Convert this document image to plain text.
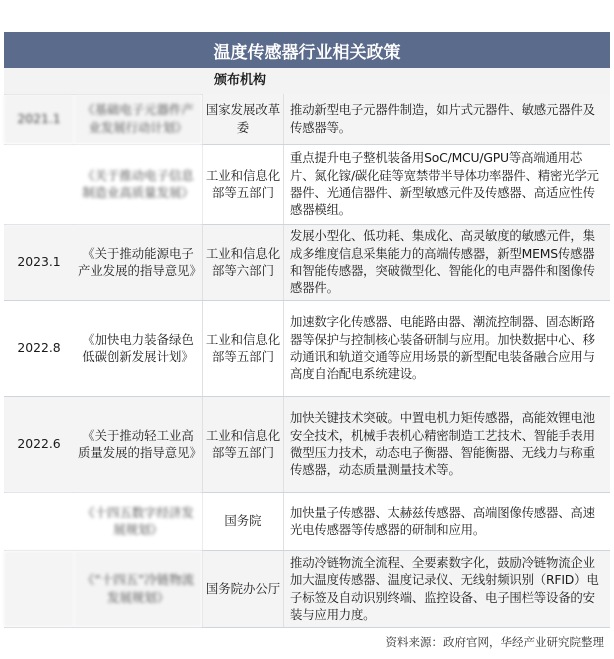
温度传感器行业相关政策
颁布机构
2021.1	《基础电子元器件产业发展行动计划》	国家发展改革委	推动新型电子元器件制造，如片式元器件、敏感元器件及传感器等。
	《关于推动电子信息制造业高质量发展》	工业和信息化部等五部门	重点提升电子整机装备用SoC/MCU/GPU等高端通用芯片、氮化镓/碳化硅等宽禁带半导体功率器件、精密光学元器件、光通信器件、新型敏感元件及传感器、高适应性传感器模组。
2023.1	《关于推动能源电子产业发展的指导意见》	工业和信息化部等六部门	发展小型化、低功耗、集成化、高灵敏度的敏感元件，集成多维度信息采集能力的高端传感器，新型MEMS传感器和智能传感器，突破微型化、智能化的电声器件和图像传感器件。
2022.8	《加快电力装备绿色低碳创新发展计划》	工业和信息化部等五部门	加速数字化传感器、电能路由器、潮流控制器、固态断路器等保护与控制核心装备研制与应用。加快数据中心、移动通讯和轨道交通等应用场景的新型配电装备融合应用与高度自治配电系统建设。
2022.6	《关于推动轻工业高质量发展的指导意见》	工业和信息化部等五部门	加快关键技术突破。中置电机力矩传感器，高能效锂电池安全技术，机械手表机心精密制造工艺技术、智能手表用微型压力技术，动态电子衡器、智能衡器、无线力与称重传感器，动态质量测量技术等。
	《十四五数字经济发展规划》	国务院	加快量子传感器、太赫兹传感器、高端图像传感器、高速光电传感器等传感器的研制和应用。
	《“十四五”冷链物流发展规划》	国务院办公厅	推动冷链物流全流程、全要素数字化，鼓励冷链物流企业加大温度传感器、温度记录仪、无线射频识别（RFID）电子标签及自动识别终端、监控设备、电子围栏等设备的安装与应用力度。
资料来源：政府官网，华经产业研究院整理
